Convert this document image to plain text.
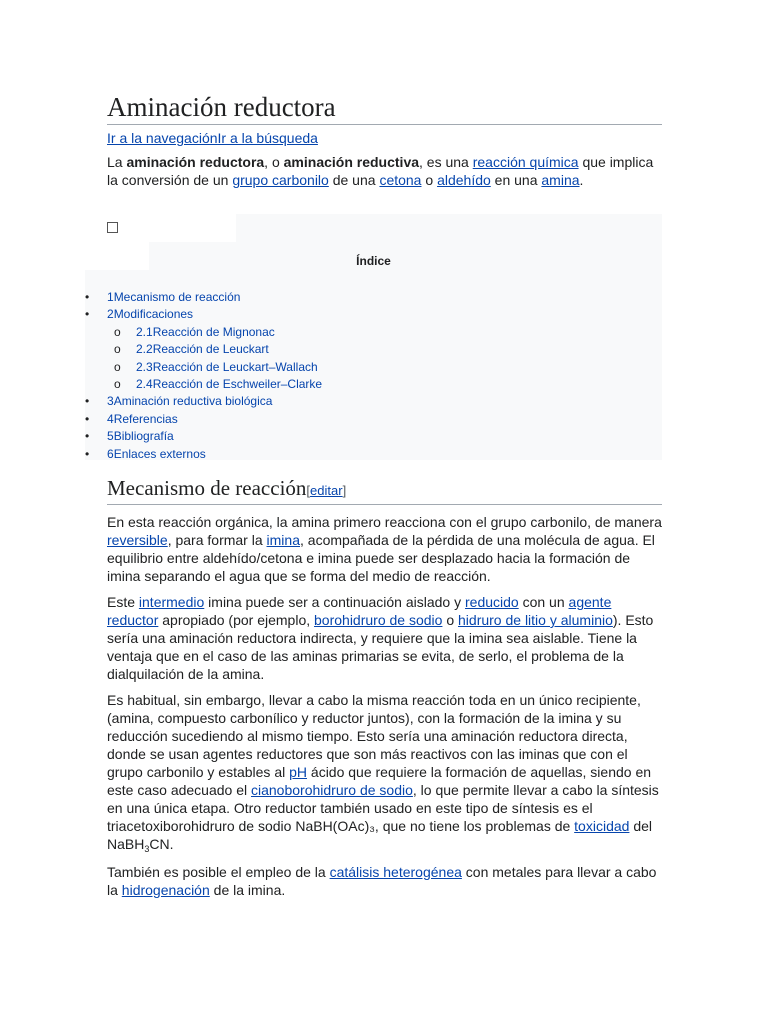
Aminación reductora
Ir a la navegaciónIr a la búsqueda

La aminación reductora, o aminación reductiva, es una reacción química que implica la conversión de un grupo carbonilo de una cetona o aldehído en una amina.

Índice
•	1Mecanismo de reacción
•	2Modificaciones
o 2.1Reacción de Mignonac
o 2.2Reacción de Leuckart
o 2.3Reacción de Leuckart–Wallach
o 2.4Reacción de Eschweiler–Clarke
•	3Aminación reductiva biológica
•	4Referencias
•	5Bibliografía
•	6Enlaces externos
Mecanismo de reacción[editar]

En esta reacción orgánica, la amina primero reacciona con el grupo carbonilo, de manera reversible, para formar la imina, acompañada de la pérdida de una molécula de agua. El equilibrio entre aldehído/cetona e imina puede ser desplazado hacia la formación de imina separando el agua que se forma del medio de reacción.

Este intermedio imina puede ser a continuación aislado y reducido con un agente reductor apropiado (por ejemplo, borohidruro de sodio o hidruro de litio y aluminio). Esto sería una aminación reductora indirecta, y requiere que la imina sea aislable. Tiene la ventaja que en el caso de las aminas primarias se evita, de serlo, el problema de la dialquilación de la amina.

Es habitual, sin embargo, llevar a cabo la misma reacción toda en un único recipiente, (amina, compuesto carbonílico y reductor juntos), con la formación de la imina y su reducción sucediendo al mismo tiempo. Esto sería una aminación reductora directa, donde se usan agentes reductores que son más reactivos con las iminas que con el grupo carbonilo y estables al pH ácido que requiere la formación de aquellas, siendo en este caso adecuado el cianoborohidruro de sodio, lo que permite llevar a cabo la síntesis en una única etapa. Otro reductor también usado en este tipo de síntesis es el triacetoxiborohidruro de sodio NaBH(OAc)₃, que no tiene los problemas de toxicidad del NaBH$_3$CN.

También es posible el empleo de la catálisis heterogénea con metales para llevar a cabo la hidrogenación de la imina.
